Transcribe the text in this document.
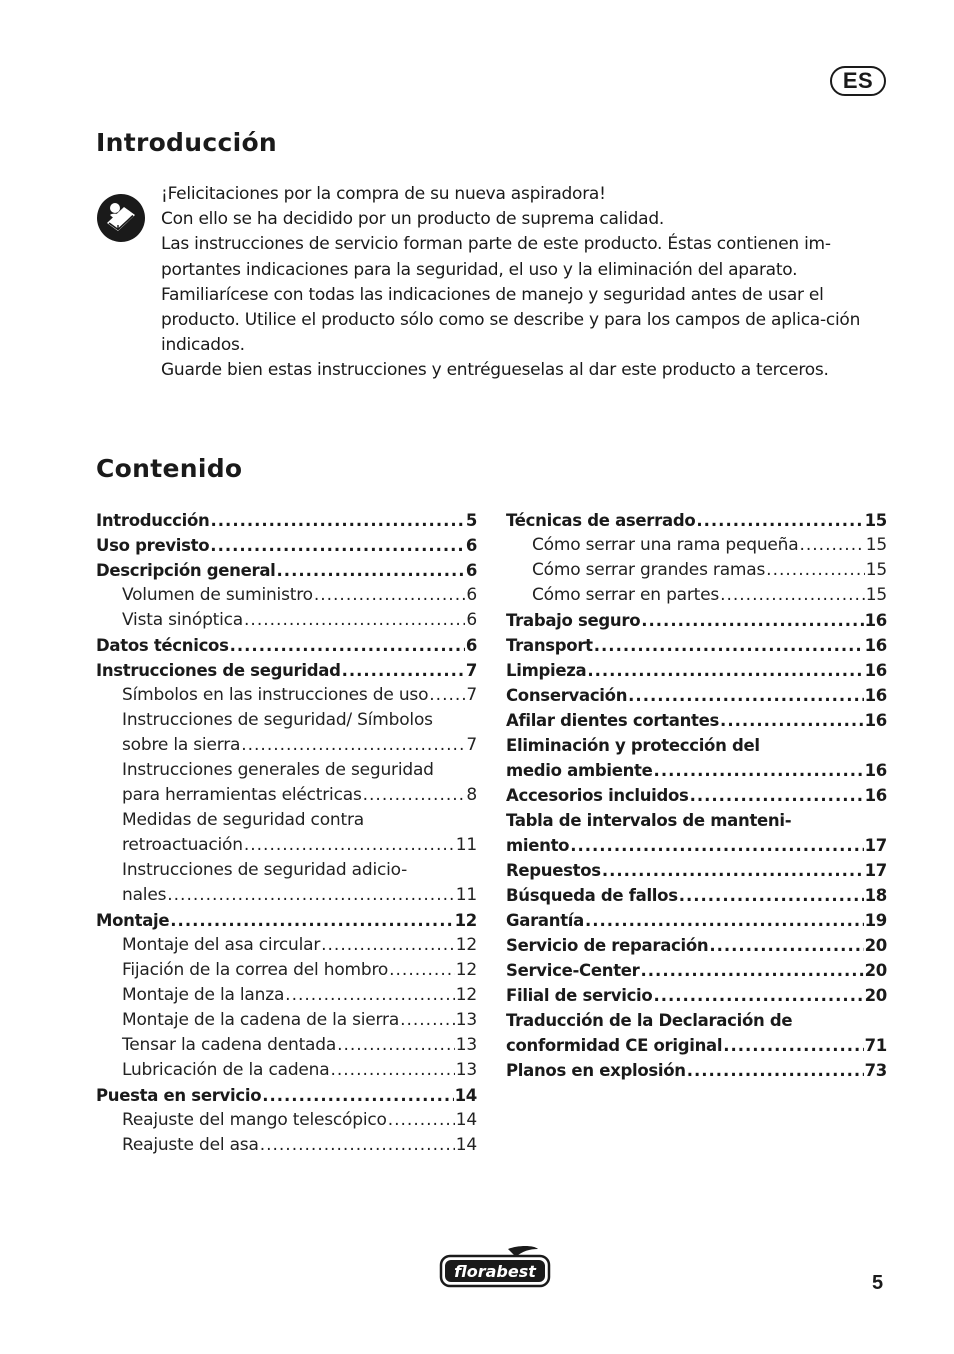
ES
Introducción

¡Felicitaciones por la compra de su nueva aspiradora!

Con ello se ha decidido por un producto de suprema calidad.

Las instrucciones de servicio forman parte de este producto. Éstas contienen im-portantes indicaciones para la seguridad, el uso y la eliminación del aparato. Familiarícese con todas las indicaciones de manejo y seguridad antes de usar el producto. Utilice el producto sólo como se describe y para los campos de aplica-ción indicados.

Guarde bien estas instrucciones y entrégueselas al dar este producto a terceros.

Contenido
Introducción .....	5
Uso previsto .....	6
Descripción general .....	6
Volumen de suministro .....	6
Vista sinóptica .....	6
Datos técnicos .....	6
Instrucciones de seguridad .....	7
Símbolos en las instrucciones de uso ..... 7
Instrucciones de seguridad/ Símbolos
sobre la sierra .....	7
Instrucciones generales de seguridad
para herramientas eléctricas .....	8
Medidas de seguridad contra
retroactuación .....	11
Instrucciones de seguridad adicio-
nales .....	11
Montaje .....	12
Montaje del asa circular .....	12
Fijación de la correa del hombro .....	12
Montaje de la lanza .....	12
Montaje de la cadena de la sierra .....	13
Tensar la cadena dentada .....	13
Lubricación de la cadena .....	13
Puesta en servicio .....	14
Reajuste del mango telescópico .....	14
Reajuste del asa .....	14
Técnicas de aserrado .....	15
Cómo serrar una rama pequeña .....	15
Cómo serrar grandes ramas .....	15
Cómo serrar en partes .....	15
Trabajo seguro .....	16
Transport .....	16
Limpieza .....	16
Conservación .....	16
Afilar dientes cortantes .....	16
Eliminación y protección del
medio ambiente .....	16
Accesorios incluidos .....	16
Tabla de intervalos de manteni-
miento .....	17
Repuestos .....	17
Búsqueda de fallos .....	18
Garantía .....	19
Servicio de reparación .....	20
Service-Center .....	20
Filial de servicio .....	20
Traducción de la Declaración de
conformidad CE original .....	71
Planos en explosión .....	73
florabest
5
